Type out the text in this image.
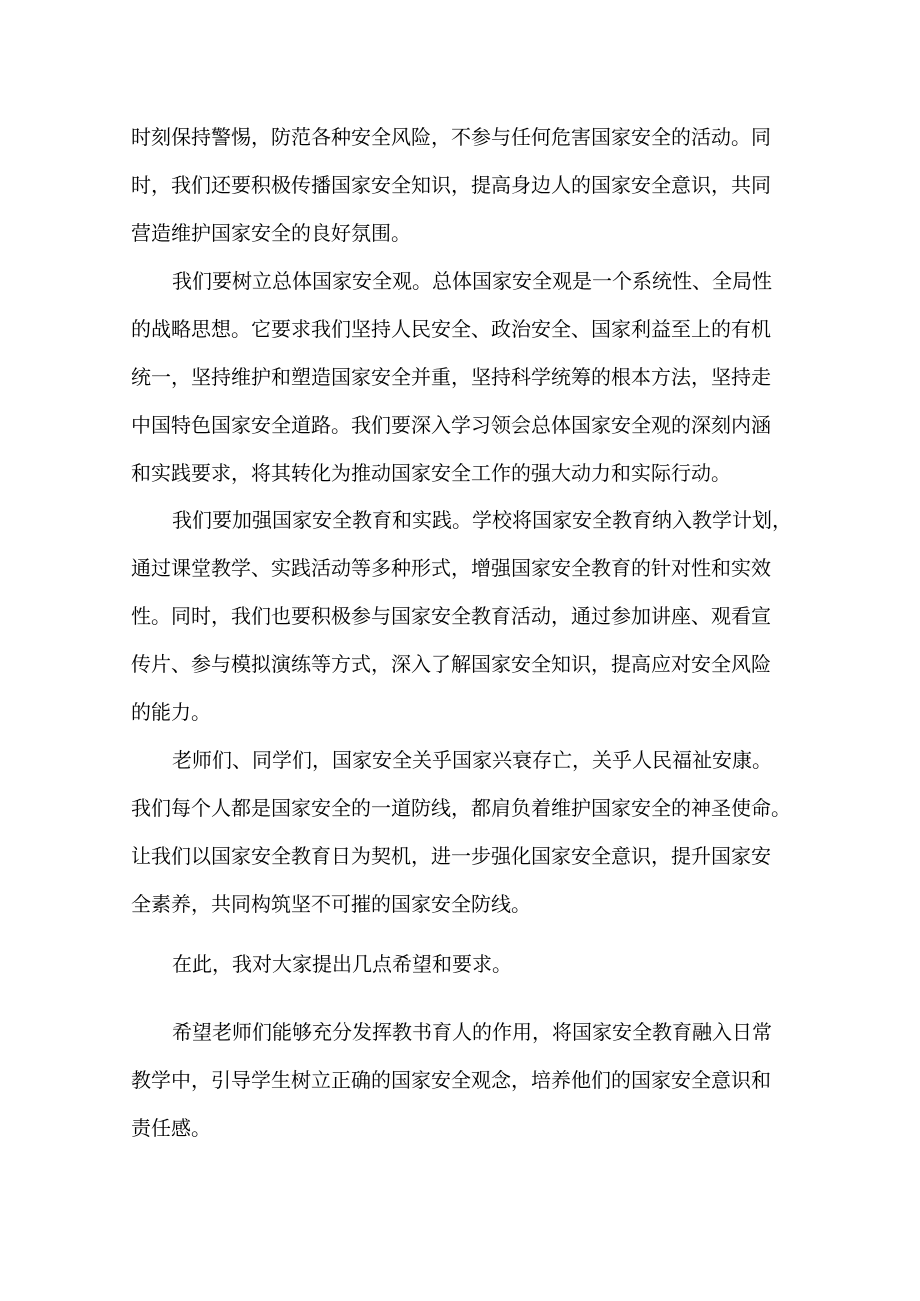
时刻保持警惕，防范各种安全风险，不参与任何危害国家安全的活动。同
时，我们还要积极传播国家安全知识，提高身边人的国家安全意识，共同
营造维护国家安全的良好氛围。
我们要树立总体国家安全观。总体国家安全观是一个系统性、全局性
的战略思想。它要求我们坚持人民安全、政治安全、国家利益至上的有机
统一，坚持维护和塑造国家安全并重，坚持科学统筹的根本方法，坚持走
中国特色国家安全道路。我们要深入学习领会总体国家安全观的深刻内涵
和实践要求，将其转化为推动国家安全工作的强大动力和实际行动。
我们要加强国家安全教育和实践。学校将国家安全教育纳入教学计划，
通过课堂教学、实践活动等多种形式，增强国家安全教育的针对性和实效
性。同时，我们也要积极参与国家安全教育活动，通过参加讲座、观看宣
传片、参与模拟演练等方式，深入了解国家安全知识，提高应对安全风险
的能力。
老师们、同学们，国家安全关乎国家兴衰存亡，关乎人民福祉安康。
我们每个人都是国家安全的一道防线，都肩负着维护国家安全的神圣使命。
让我们以国家安全教育日为契机，进一步强化国家安全意识，提升国家安
全素养，共同构筑坚不可摧的国家安全防线。
在此，我对大家提出几点希望和要求。
希望老师们能够充分发挥教书育人的作用，将国家安全教育融入日常
教学中，引导学生树立正确的国家安全观念，培养他们的国家安全意识和
责任感。
